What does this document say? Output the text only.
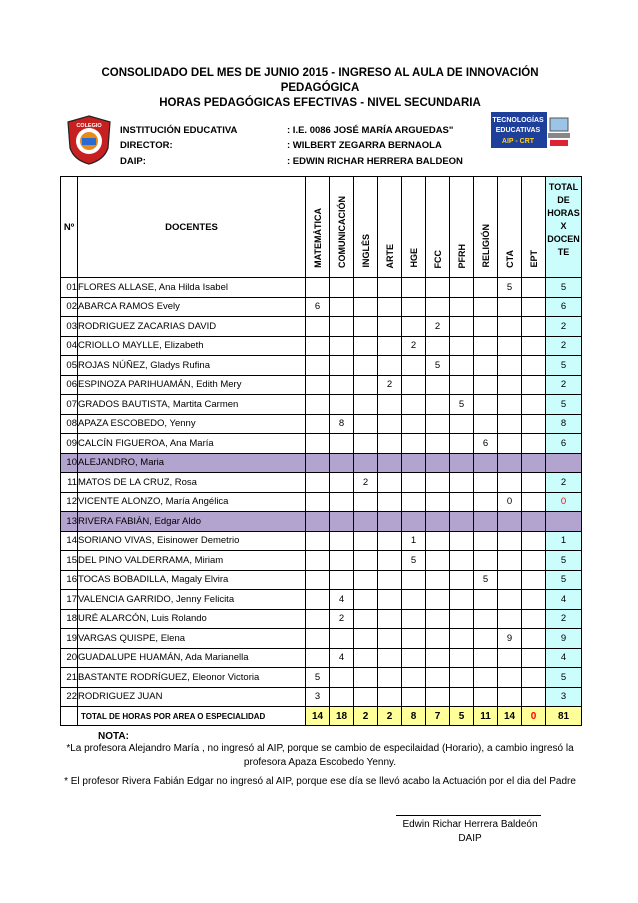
CONSOLIDADO DEL MES DE JUNIO 2015 - INGRESO AL AULA DE INNOVACIÓN
PEDAGÓGICA
HORAS PEDAGÓGICAS EFECTIVAS - NIVEL SECUNDARIA
COLEGIO
TECNOLOGÍAS
EDUCATIVAS
AIP - CRT
INSTITUCIÓN EDUCATIVA	: I.E. 0086 JOSÉ MARÍA ARGUEDAS"
DIRECTOR:	: WILBERT ZEGARRA BERNAOLA
DAIP:	: EDWIN RICHAR HERRERA BALDEON
Nº	DOCENTES	MATEMÁTICA	COMUNICACIÓN	INGLÉS	ARTE	HGE	FCC	PFRH	RELIGIÓN	CTA	EPT	TOTAL DE HORAS X DOCEN TE
01	FLORES ALLASE, Ana Hilda Isabel									5		5
02	ABARCA RAMOS Evely	6										6
03	RODRIGUEZ ZACARIAS DAVID						2					2
04	CRIOLLO MAYLLE, Elizabeth					2						2
05	ROJAS NÚÑEZ, Gladys Rufina						5					5
06	ESPINOZA PARIHUAMÁN, Edith Mery				2							2
07	GRADOS BAUTISTA, Martita Carmen							5				5
08	APAZA ESCOBEDO, Yenny		8									8
09	CALCÍN FIGUEROA, Ana María								6			6
10	ALEJANDRO, Maria											
11	MATOS DE LA CRUZ, Rosa			2								2
12	VICENTE ALONZO, María Angélica									0		0
13	RIVERA FABIÁN, Edgar Aldo											
14	SORIANO VIVAS, Eisinower Demetrio					1						1
15	DEL PINO VALDERRAMA, Miriam					5						5
16	TOCAS BOBADILLA, Magaly Elvira								5			5
17	VALENCIA GARRIDO, Jenny Felicita		4									4
18	URÉ ALARCÓN, Luis Rolando		2									2
19	VARGAS QUISPE, Elena									9		9
20	GUADALUPE HUAMÁN, Ada Marianella		4									4
21	BASTANTE RODRÍGUEZ, Eleonor Victoria	5										5
22	RODRIGUEZ JUAN	3										3
	TOTAL DE HORAS POR AREA O ESPECIALIDAD	14	18	2	2	8	7	5	11	14	0	81
NOTA:
*La profesora Alejandro María , no ingresó al AIP, porque se cambio de especilaidad (Horario), a cambio ingresó la profesora Apaza Escobedo Yenny.
* El profesor Rivera Fabián Edgar no ingresó al AIP, porque ese día se llevó acabo la Actuación por el dia del Padre
Edwin Richar Herrera Baldeón
DAIP
